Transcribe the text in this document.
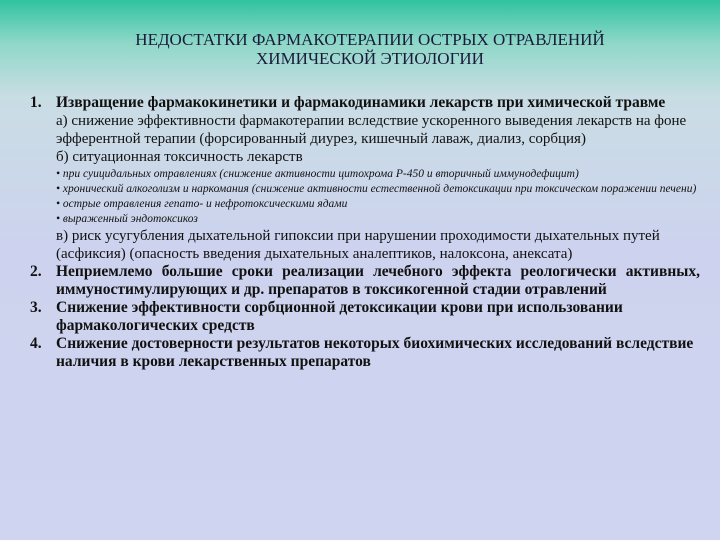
НЕДОСТАТКИ ФАРМАКОТЕРАПИИ ОСТРЫХ ОТРАВЛЕНИЙ
ХИМИЧЕСКОЙ ЭТИОЛОГИИ
1. Извращение фармакокинетики и фармакодинамики лекарств при химической травме
а) снижение эффективности фармакотерапии вследствие ускоренного выведения лекарств на фоне эфферентной терапии (форсированный диурез, кишечный лаваж, диализ, сорбция)
б) ситуационная токсичность лекарств
• при суицидальных отравлениях (снижение активности цитохрома Р-450 и вторичный иммунодефицит)
• хронический алкоголизм и наркомания (снижение активности естественной детоксикации при токсическом поражении печени)
• острые отравления гепато- и нефротоксическими ядами
• выраженный эндотоксикоз
в) риск усугубления дыхательной гипоксии при нарушении проходимости дыхательных путей (асфиксия) (опасность введения дыхательных аналептиков, налоксона, анексата)
2. Неприемлемо большие сроки реализации лечебного эффекта реологически активных, иммуностимулирующих и др. препаратов в токсикогенной стадии отравлений
3. Снижение эффективности сорбционной детоксикации крови при использовании фармакологических средств
4. Снижение достоверности результатов некоторых биохимических исследований вследствие наличия в крови лекарственных препаратов
